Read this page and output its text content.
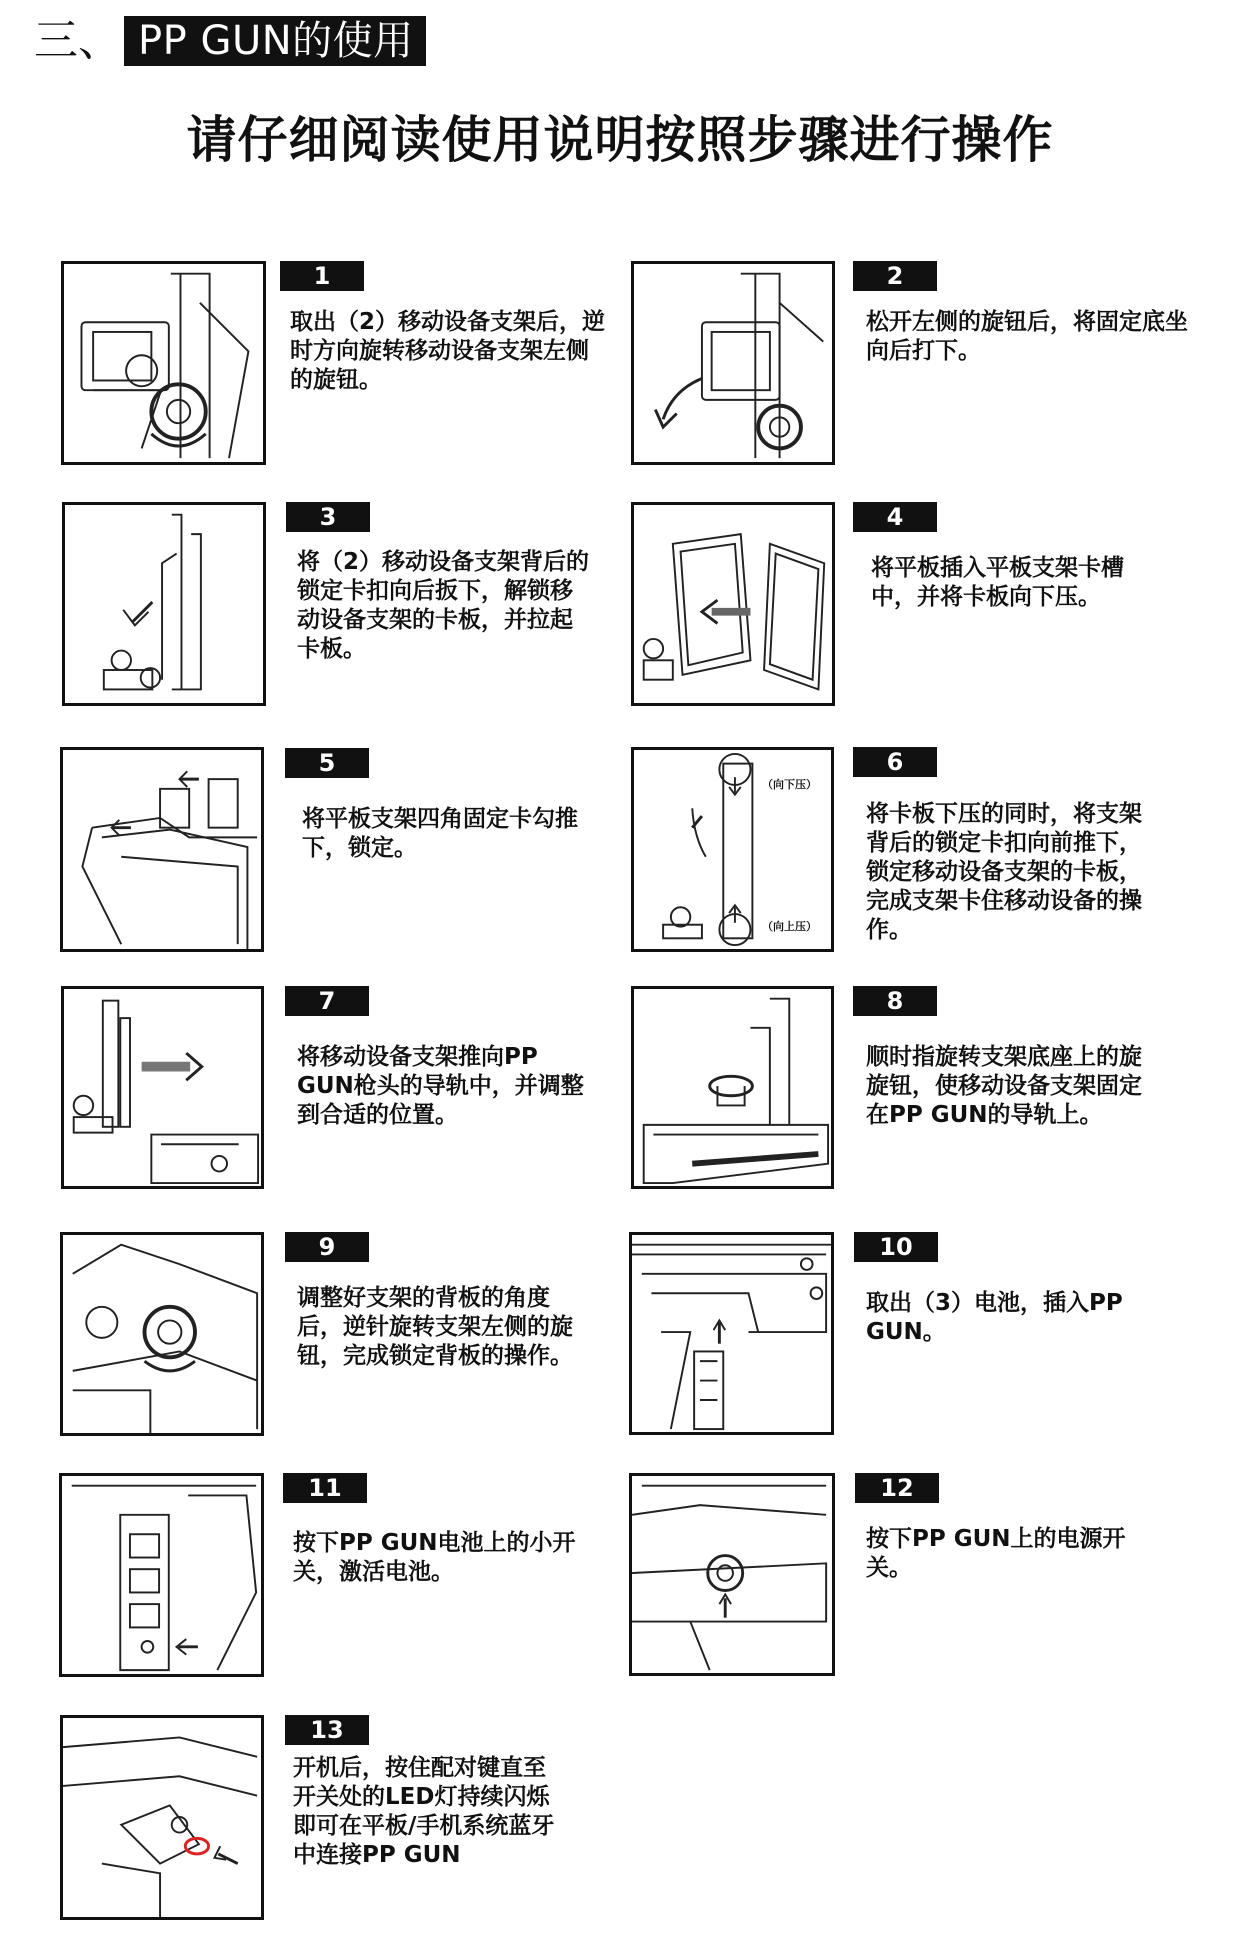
三、 PP GUN的使用
请仔细阅读使用说明按照步骤进行操作
1
取出（2）移动设备支架后，逆
时方向旋转移动设备支架左侧
的旋钮。
2
松开左侧的旋钮后，将固定底坐
向后打下。
3
将（2）移动设备支架背后的
锁定卡扣向后扳下，解锁移
动设备支架的卡板，并拉起
卡板。
4
将平板插入平板支架卡槽
中，并将卡板向下压。
5
将平板支架四角固定卡勾推
下，锁定。
（向下压）
（向上压）
6
将卡板下压的同时，将支架
背后的锁定卡扣向前推下，
锁定移动设备支架的卡板，
完成支架卡住移动设备的操
作。
7
将移动设备支架推向PP
GUN枪头的导轨中，并调整
到合适的位置。
8
顺时指旋转支架底座上的旋
旋钮，使移动设备支架固定
在PP GUN的导轨上。
9
调整好支架的背板的角度
后，逆针旋转支架左侧的旋
钮，完成锁定背板的操作。
10
取出（3）电池，插入PP
GUN。
11
按下PP GUN电池上的小开
关，激活电池。
12
按下PP GUN上的电源开
关。
13
开机后，按住配对键直至
开关处的LED灯持续闪烁
即可在平板/手机系统蓝牙
中连接PP GUN
